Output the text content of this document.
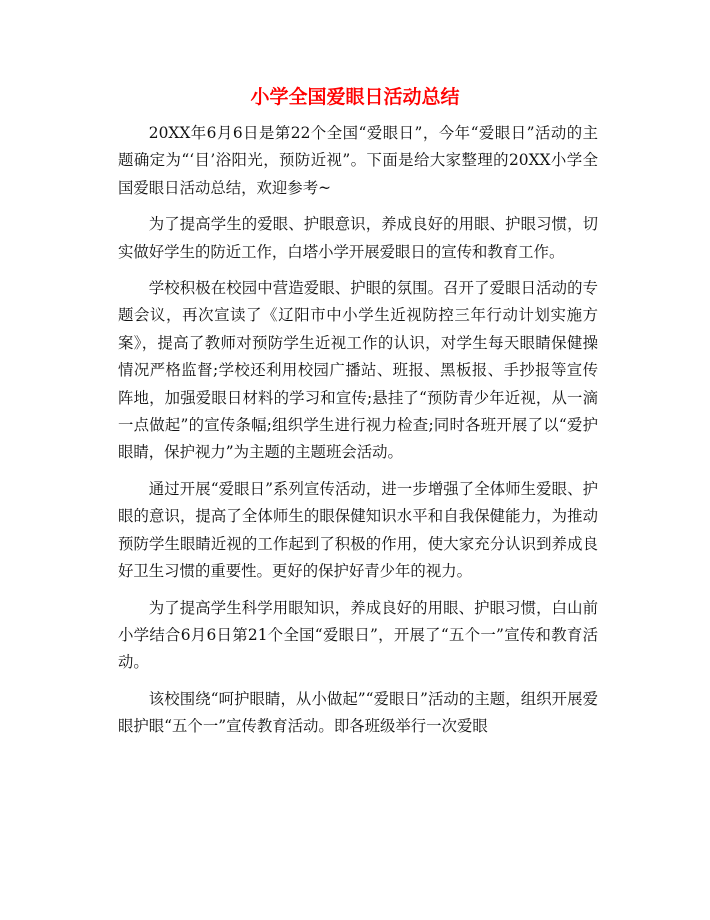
小学全国爱眼日活动总结

20XX年6月6日是第22个全国“爱眼日”，今年“爱眼日”活动的主题确定为“‘目’浴阳光，预防近视”。下面是给大家整理的20XX小学全国爱眼日活动总结，欢迎参考~

为了提高学生的爱眼、护眼意识，养成良好的用眼、护眼习惯，切实做好学生的防近工作，白塔小学开展爱眼日的宣传和教育工作。

学校积极在校园中营造爱眼、护眼的氛围。召开了爱眼日活动的专题会议，再次宣读了《辽阳市中小学生近视防控三年行动计划实施方案》，提高了教师对预防学生近视工作的认识，对学生每天眼睛保健操情况严格监督;学校还利用校园广播站、班报、黑板报、手抄报等宣传阵地，加强爱眼日材料的学习和宣传;悬挂了“预防青少年近视，从一滴一点做起”的宣传条幅;组织学生进行视力检查;同时各班开展了以“爱护眼睛，保护视力”为主题的主题班会活动。

通过开展“爱眼日”系列宣传活动，进一步增强了全体师生爱眼、护眼的意识，提高了全体师生的眼保健知识水平和自我保健能力，为推动预防学生眼睛近视的工作起到了积极的作用，使大家充分认识到养成良好卫生习惯的重要性。更好的保护好青少年的视力。

为了提高学生科学用眼知识，养成良好的用眼、护眼习惯，白山前小学结合6月6日第21个全国“爱眼日”，开展了“五个一”宣传和教育活动。

该校围绕“呵护眼睛，从小做起”“爱眼日”活动的主题，组织开展爱眼护眼“五个一”宣传教育活动。即各班级举行一次爱眼
